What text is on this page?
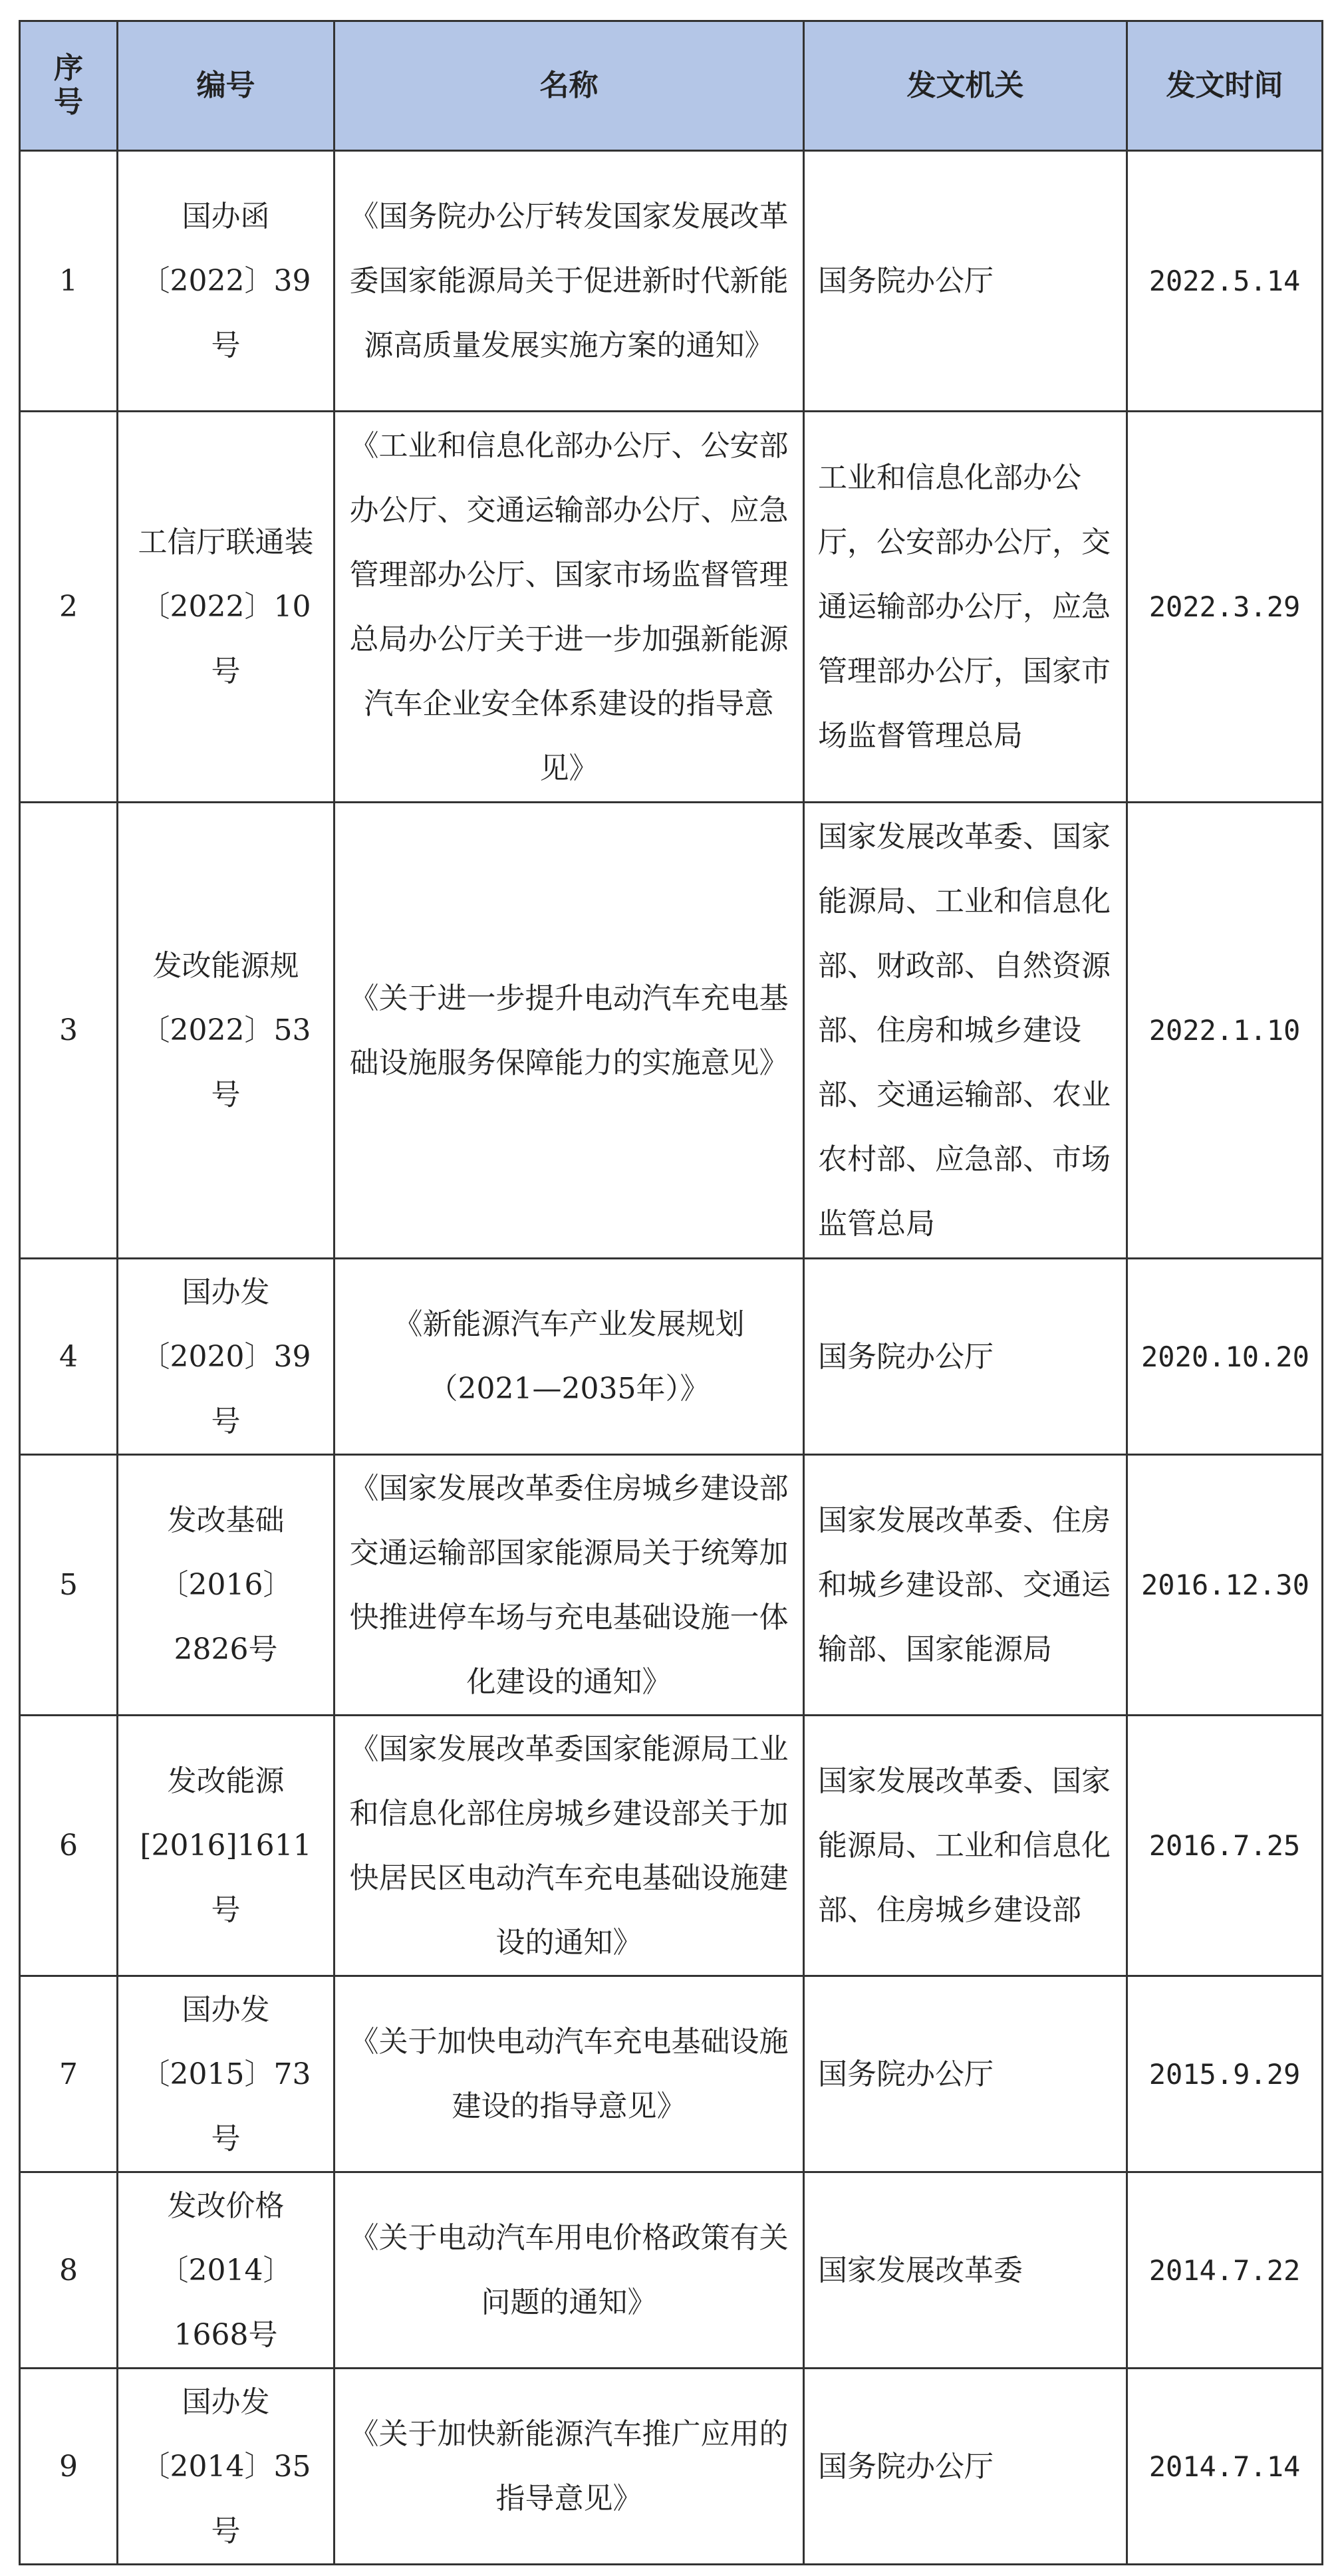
序
号	编号	名称	发文机关	发文时间
1	国办函〔2022〕39号	《国务院办公厅转发国家发展改革委国家能源局关于促进新时代新能源高质量发展实施方案的通知》	国务院办公厅	2022.5.14
2	工信厅联通装〔2022〕10号	《工业和信息化部办公厅、公安部办公厅、交通运输部办公厅、应急管理部办公厅、国家市场监督管理总局办公厅关于进一步加强新能源汽车企业安全体系建设的指导意见》	工业和信息化部办公厅，公安部办公厅，交通运输部办公厅，应急管理部办公厅，国家市场监督管理总局	2022.3.29
3	发改能源规〔2022〕53号	《关于进一步提升电动汽车充电基础设施服务保障能力的实施意见》	国家发展改革委、国家能源局、工业和信息化部、财政部、自然资源部、住房和城乡建设部、交通运输部、农业农村部、应急部、市场监管总局	2022.1.10
4	国办发〔2020〕39号	《新能源汽车产业发展规划（2021—2035年）》	国务院办公厅	2020.10.20
5	发改基础〔2016〕2826号	《国家发展改革委住房城乡建设部交通运输部国家能源局关于统筹加快推进停车场与充电基础设施一体化建设的通知》	国家发展改革委、住房和城乡建设部、交通运输部、国家能源局	2016.12.30
6	发改能源[2016]1611号	《国家发展改革委国家能源局工业和信息化部住房城乡建设部关于加快居民区电动汽车充电基础设施建设的通知》	国家发展改革委、国家能源局、工业和信息化部、住房城乡建设部	2016.7.25
7	国办发〔2015〕73号	《关于加快电动汽车充电基础设施建设的指导意见》	国务院办公厅	2015.9.29
8	发改价格〔2014〕1668号	《关于电动汽车用电价格政策有关问题的通知》	国家发展改革委	2014.7.22
9	国办发〔2014〕35号	《关于加快新能源汽车推广应用的指导意见》	国务院办公厅	2014.7.14
